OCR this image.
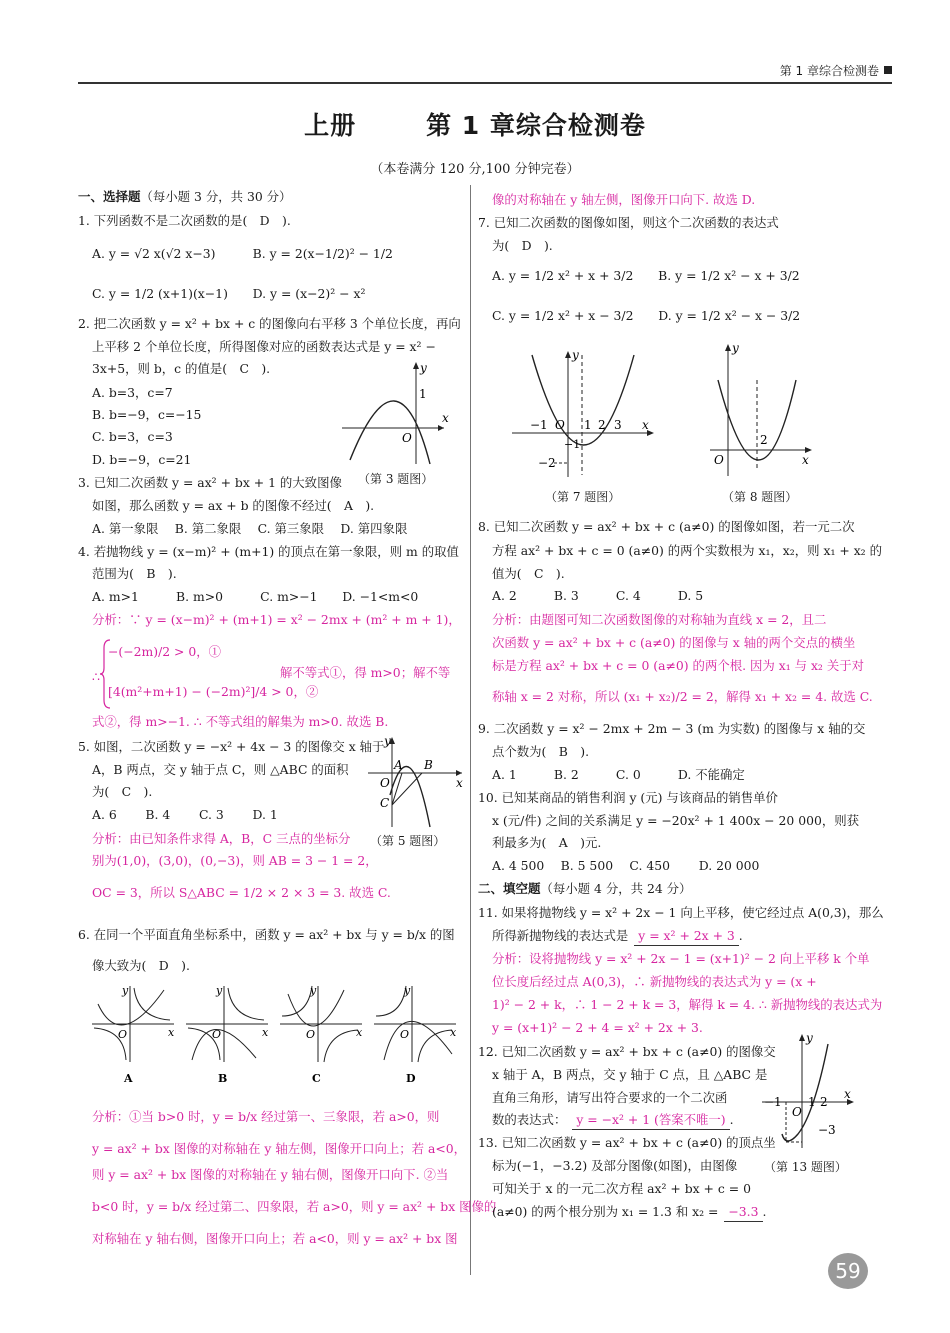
第 1 章综合检测卷
上册	第 1 章综合检测卷
（本卷满分 120 分,100 分钟完卷）
一、选择题（每小题 3 分，共 30 分）
1. 下列函数不是二次函数的是(　D　).
A. y = √2 x(√2 x−3)　　　B. y = 2(x−1/2)² − 1/2
C. y = 1/2 (x+1)(x−1)　　D. y = (x−2)² − x²
2. 把二次函数 y = x² + bx + c 的图像向右平移 3 个单位长度，再向
上平移 2 个单位长度，所得图像对应的函数表达式是 y = x² −
3x+5，则 b，c 的值是(　C　).
A. b=3，c=7
B. b=−9，c=−15
C. b=3，c=3
D. b=−9，c=21
3. 已知二次函数 y = ax² + bx + 1 的大致图像
如图，那么函数 y = ax + b 的图像不经过(　A　).
A. 第一象限　 B. 第二象限　 C. 第三象限　 D. 第四象限
4. 若抛物线 y = (x−m)² + (m+1) 的顶点在第一象限，则 m 的取值
范围为(　B　).
A. m>1　　　B. m>0　　　C. m>−1　　D. −1<m<0
分析：∵ y = (x−m)² + (m+1) = x² − 2mx + (m² + m + 1)，
−(−2m)/2 > 0，①
∴	解不等式①，得 m>0；解不等
[4(m²+m+1) − (−2m)²]/4 > 0，②
式②，得 m>−1. ∴ 不等式组的解集为 m>0. 故选 B.
5. 如图，二次函数 y = −x² + 4x − 3 的图像交 x 轴于
A，B 两点，交 y 轴于点 C，则 △ABC 的面积
为(　C　).
A. 6　　 B. 4　　 C. 3　　 D. 1
分析：由已知条件求得 A，B，C 三点的坐标分
别为(1,0)，(3,0)，(0,−3)，则 AB = 3 − 1 = 2，
OC = 3，所以 S△ABC = 1/2 × 2 × 3 = 3. 故选 C.
6. 在同一个平面直角坐标系中，函数 y = ax² + bx 与 y = b/x 的图
像大致为(　D　).
分析：①当 b>0 时，y = b/x 经过第一、三象限，若 a>0，则
y = ax² + bx 图像的对称轴在 y 轴左侧，图像开口向上；若 a<0，
则 y = ax² + bx 图像的对称轴在 y 轴右侧，图像开口向下. ②当
b<0 时，y = b/x 经过第二、四象限，若 a>0，则 y = ax² + bx 图像的
对称轴在 y 轴右侧，图像开口向上；若 a<0，则 y = ax² + bx 图
像的对称轴在 y 轴左侧，图像开口向下. 故选 D.
7. 已知二次函数的图像如图，则这个二次函数的表达式
为(　D　).
A. y = 1/2 x² + x + 3/2　　B. y = 1/2 x² − x + 3/2
C. y = 1/2 x² + x − 3/2　　D. y = 1/2 x² − x − 3/2
8. 已知二次函数 y = ax² + bx + c (a≠0) 的图像如图，若一元二次
方程 ax² + bx + c = 0 (a≠0) 的两个实数根为 x₁，x₂，则 x₁ + x₂ 的
值为(　C　).
A. 2　　　B. 3　　　C. 4　　　D. 5
分析：由题图可知二次函数图像的对称轴为直线 x = 2，且二
次函数 y = ax² + bx + c (a≠0) 的图像与 x 轴的两个交点的横坐
标是方程 ax² + bx + c = 0 (a≠0) 的两个根. 因为 x₁ 与 x₂ 关于对
称轴 x = 2 对称，所以 (x₁ + x₂)/2 = 2，解得 x₁ + x₂ = 4. 故选 C.
9. 二次函数 y = x² − 2mx + 2m − 3 (m 为实数) 的图像与 x 轴的交
点个数为(　B　).
A. 1　　　B. 2　　　C. 0　　　D. 不能确定
10. 已知某商品的销售利润 y (元) 与该商品的销售单价
x (元/件) 之间的关系满足 y = −20x² + 1 400x − 20 000，则获
利最多为(　A　)元.
A. 4 500　 B. 5 500　 C. 450　　 D. 20 000
二、填空题（每小题 4 分，共 24 分）
11. 如果将抛物线 y = x² + 2x − 1 向上平移，使它经过点 A(0,3)，那么
所得新抛物线的表达式是 y = x² + 2x + 3 .
分析：设将抛物线 y = x² + 2x − 1 = (x+1)² − 2 向上平移 k 个单
位长度后经过点 A(0,3)，∴ 新抛物线的表达式为 y = (x +
1)² − 2 + k，∴ 1 − 2 + k = 3，解得 k = 4. ∴ 新抛物线的表达式为
y = (x+1)² − 2 + 4 = x² + 2x + 3.
12. 已知二次函数 y = ax² + bx + c (a≠0) 的图像交
x 轴于 A，B 两点，交 y 轴于 C 点，且 △ABC 是
直角三角形，请写出符合要求的一个二次函
数的表达式： y = −x² + 1 (答案不唯一) .
13. 已知二次函数 y = ax² + bx + c (a≠0) 的顶点坐
标为(−1，−3.2) 及部分图像(如图)，由图像
可知关于 x 的一元二次方程 ax² + bx + c = 0
(a≠0) 的两个根分别为 x₁ = 1.3 和 x₂ = −3.3 .
（第 3 题图）
（第 5 题图）
（第 7 题图）	（第 8 题图）
（第 13 题图）
y
x
O
1
y
x
O
A B
C
O	x
y
A
O	x
y
B
O	x
y
C
O	x
y
D
y
x
O
−1	1 2 3
−1
−2
y
x
O
2
y
x
O
−1 1 2
−3
59
